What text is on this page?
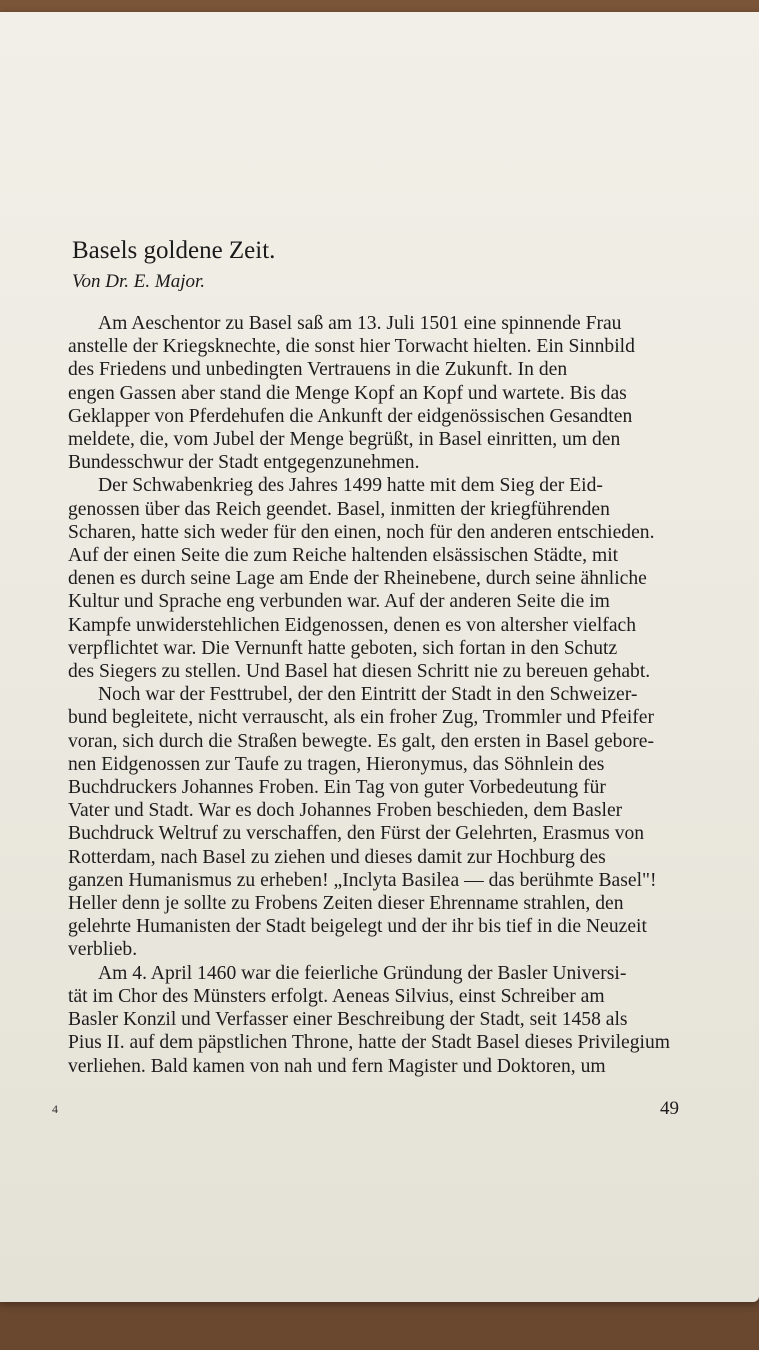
Basels goldene Zeit.
Von Dr. E. Major.
Am Aeschentor zu Basel saß am 13. Juli 1501 eine spinnende Frau
anstelle der Kriegsknechte, die sonst hier Torwacht hielten. Ein Sinnbild
des Friedens und unbedingten Vertrauens in die Zukunft. In den
engen Gassen aber stand die Menge Kopf an Kopf und wartete. Bis das
Geklapper von Pferdehufen die Ankunft der eidgenössischen Gesandten
meldete, die, vom Jubel der Menge begrüßt, in Basel einritten, um den
Bundesschwur der Stadt entgegenzunehmen.
Der Schwabenkrieg des Jahres 1499 hatte mit dem Sieg der Eid-
genossen über das Reich geendet. Basel, inmitten der kriegführenden
Scharen, hatte sich weder für den einen, noch für den anderen entschieden.
Auf der einen Seite die zum Reiche haltenden elsässischen Städte, mit
denen es durch seine Lage am Ende der Rheinebene, durch seine ähnliche
Kultur und Sprache eng verbunden war. Auf der anderen Seite die im
Kampfe unwiderstehlichen Eidgenossen, denen es von altersher vielfach
verpflichtet war. Die Vernunft hatte geboten, sich fortan in den Schutz
des Siegers zu stellen. Und Basel hat diesen Schritt nie zu bereuen gehabt.
Noch war der Festtrubel, der den Eintritt der Stadt in den Schweizer-
bund begleitete, nicht verrauscht, als ein froher Zug, Trommler und Pfeifer
voran, sich durch die Straßen bewegte. Es galt, den ersten in Basel gebore-
nen Eidgenossen zur Taufe zu tragen, Hieronymus, das Söhnlein des
Buchdruckers Johannes Froben. Ein Tag von guter Vorbedeutung für
Vater und Stadt. War es doch Johannes Froben beschieden, dem Basler
Buchdruck Weltruf zu verschaffen, den Fürst der Gelehrten, Erasmus von
Rotterdam, nach Basel zu ziehen und dieses damit zur Hochburg des
ganzen Humanismus zu erheben! „Inclyta Basilea — das berühmte Basel"!
Heller denn je sollte zu Frobens Zeiten dieser Ehrenname strahlen, den
gelehrte Humanisten der Stadt beigelegt und der ihr bis tief in die Neuzeit
verblieb.
Am 4. April 1460 war die feierliche Gründung der Basler Universi-
tät im Chor des Münsters erfolgt. Aeneas Silvius, einst Schreiber am
Basler Konzil und Verfasser einer Beschreibung der Stadt, seit 1458 als
Pius II. auf dem päpstlichen Throne, hatte der Stadt Basel dieses Privilegium
verliehen. Bald kamen von nah und fern Magister und Doktoren, um
4	49
